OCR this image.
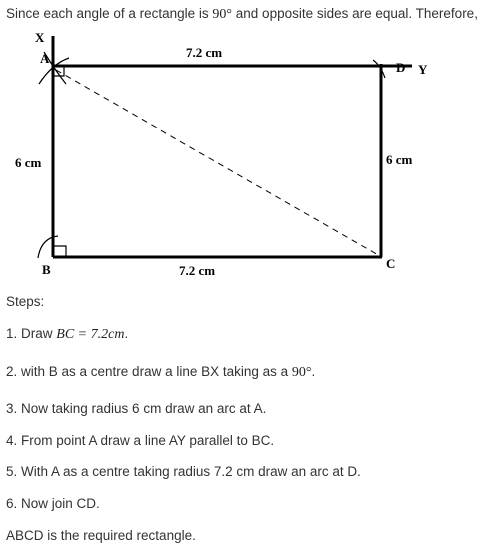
Since each angle of a rectangle is 90° and opposite sides are equal. Therefore,
X
A
B	C
D Y
7.2 cm
7.2 cm
6 cm	6 cm
Steps:
1. Draw BC = 7.2cm.
2. with B as a centre draw a line BX taking as a 90°.
3. Now taking radius 6 cm draw an arc at A.
4. From point A draw a line AY parallel to BC.
5. With A as a centre taking radius 7.2 cm draw an arc at D.
6. Now join CD.
ABCD is the required rectangle.
